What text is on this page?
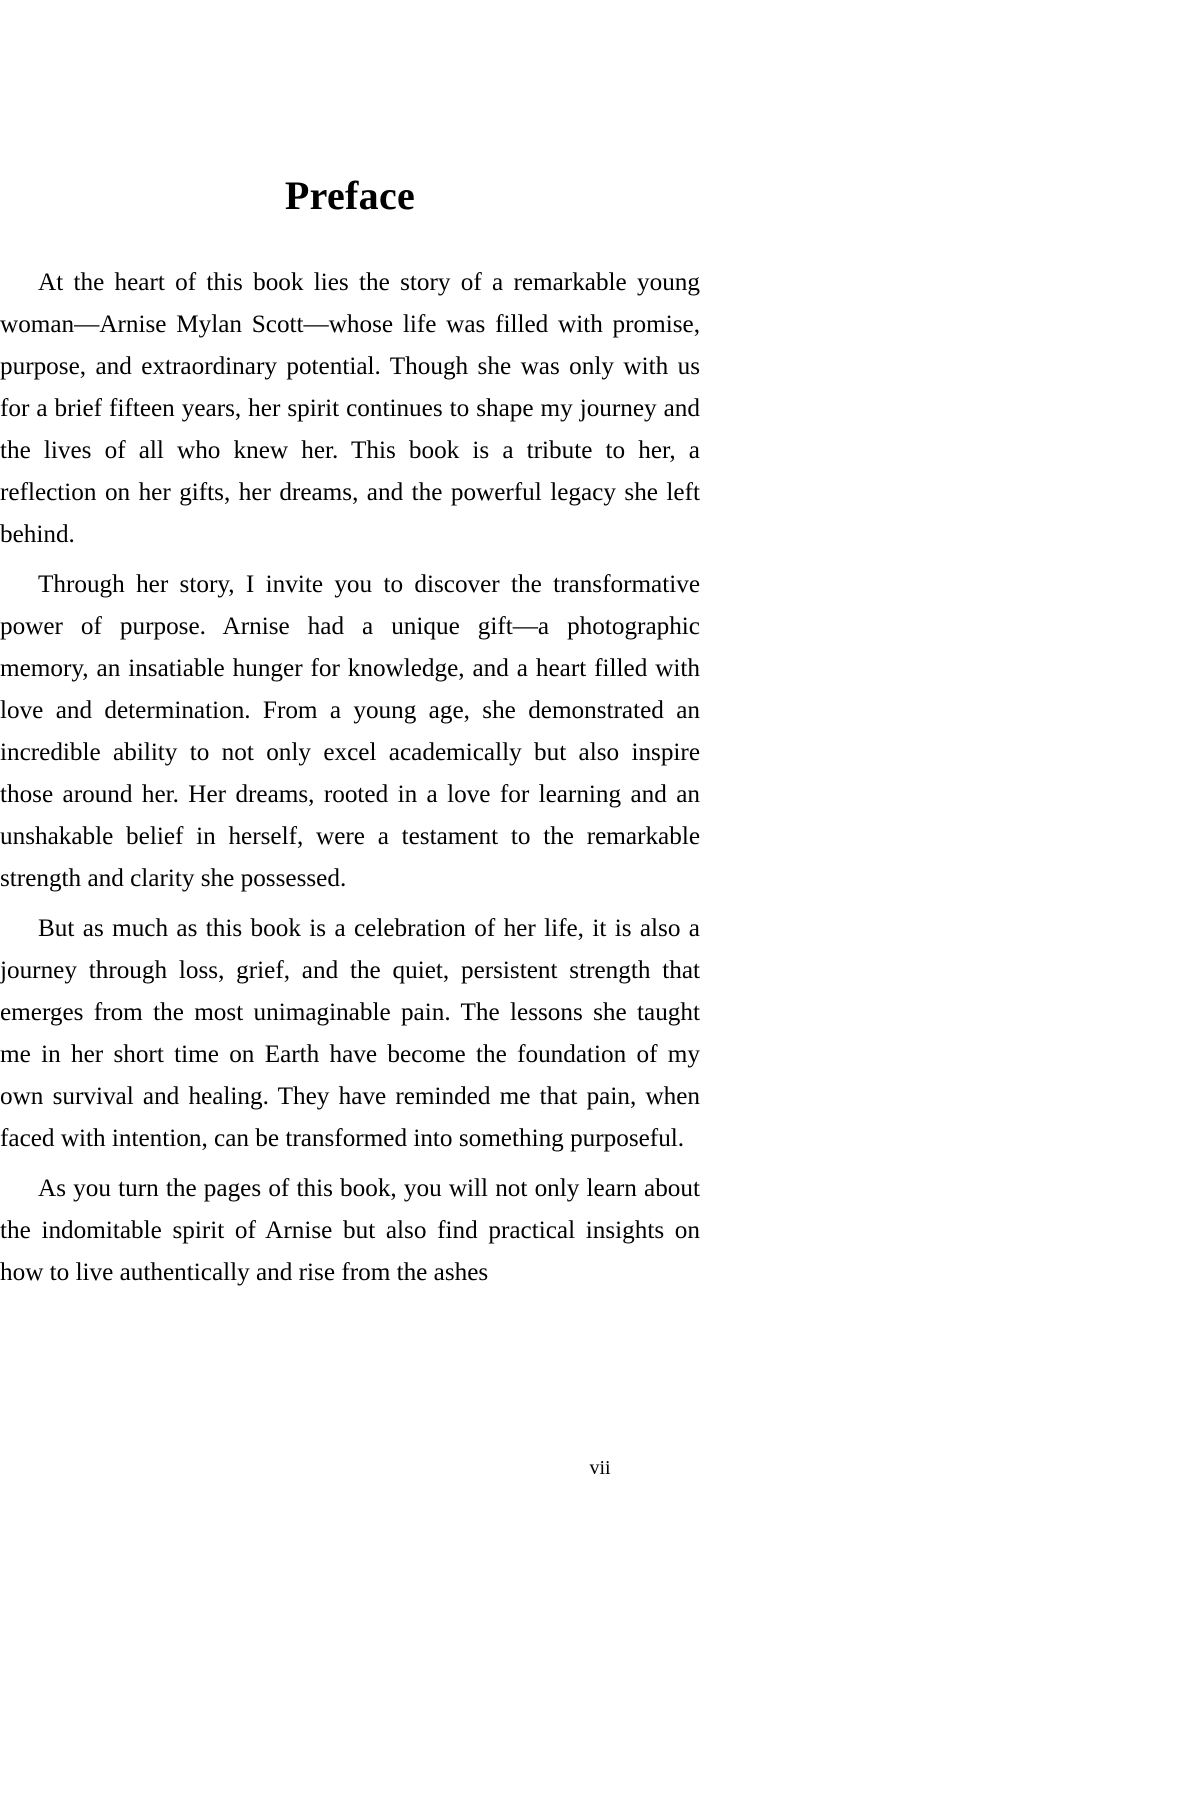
Preface

At the heart of this book lies the story of a remarkable young woman—Arnise Mylan Scott—whose life was filled with promise, purpose, and extraordinary potential. Though she was only with us for a brief fifteen years, her spirit continues to shape my journey and the lives of all who knew her. This book is a tribute to her, a reflection on her gifts, her dreams, and the powerful legacy she left behind.

Through her story, I invite you to discover the transformative power of purpose. Arnise had a unique gift—a photographic memory, an insatiable hunger for knowledge, and a heart filled with love and determination. From a young age, she demonstrated an incredible ability to not only excel academically but also inspire those around her. Her dreams, rooted in a love for learning and an unshakable belief in herself, were a testament to the remarkable strength and clarity she possessed.

But as much as this book is a celebration of her life, it is also a journey through loss, grief, and the quiet, persistent strength that emerges from the most unimaginable pain. The lessons she taught me in her short time on Earth have become the foundation of my own survival and healing. They have reminded me that pain, when faced with intention, can be transformed into something purposeful.

As you turn the pages of this book, you will not only learn about the indomitable spirit of Arnise but also find practical insights on how to live authentically and rise from the ashes

vii
